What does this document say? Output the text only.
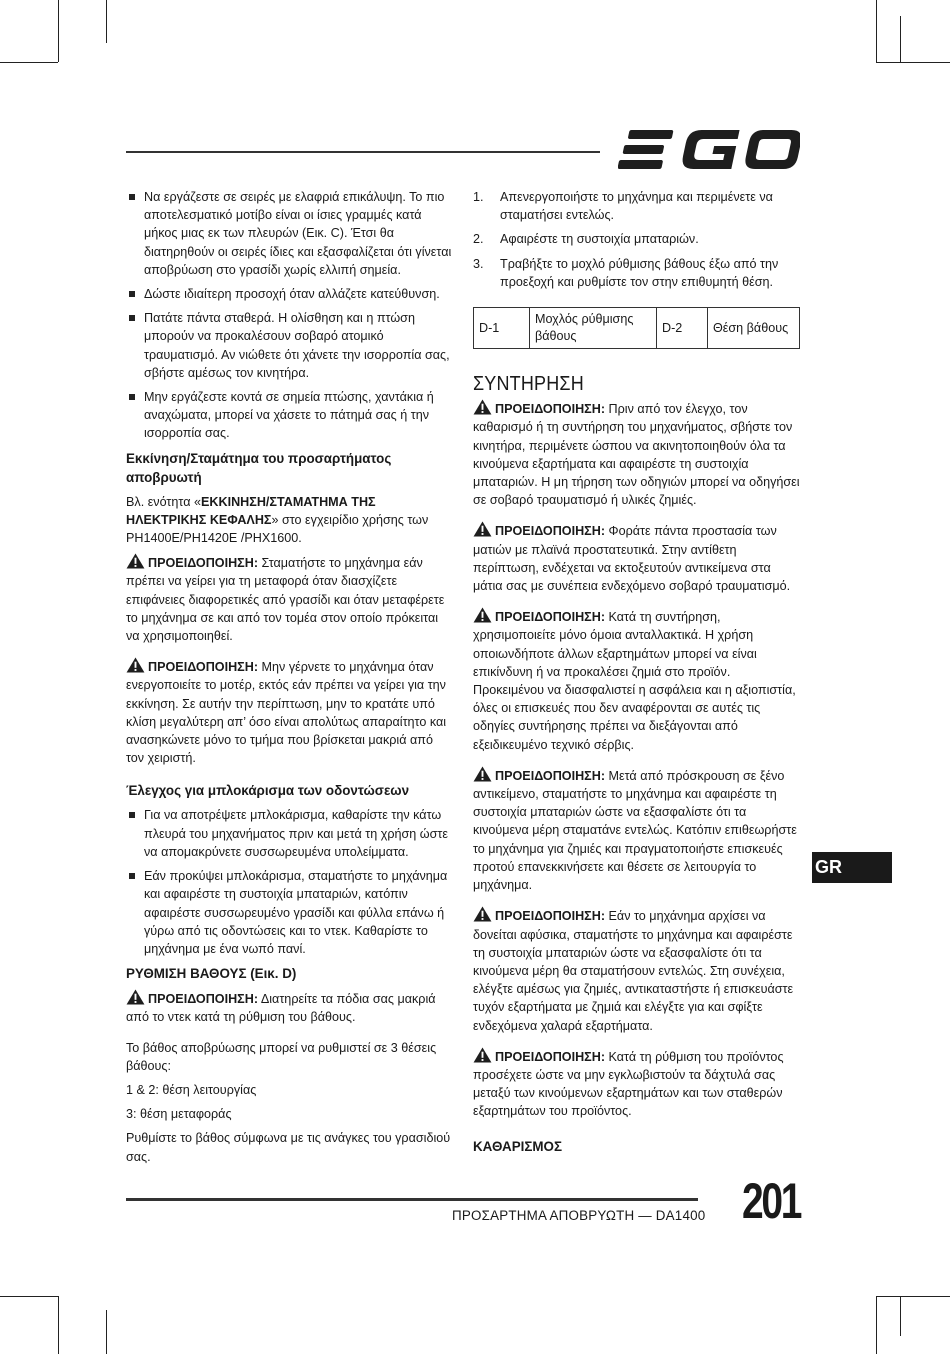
Να εργάζεστε σε σειρές με ελαφριά επικάλυψη. Το πιο αποτελεσματικό μοτίβο είναι οι ίσιες γραμμές κατά μήκος μιας εκ των πλευρών (Εικ. C). Έτσι θα διατηρηθούν οι σειρές ίδιες και εξασφαλίζεται ότι γίνεται αποβρύωση στο γρασίδι χωρίς ελλιπή σημεία.
Δώστε ιδιαίτερη προσοχή όταν αλλάζετε κατεύθυνση.
Πατάτε πάντα σταθερά. Η ολίσθηση και η πτώση μπορούν να προκαλέσουν σοβαρό ατομικό τραυματισμό. Αν νιώθετε ότι χάνετε την ισορροπία σας, σβήστε αμέσως τον κινητήρα.
Μην εργάζεστε κοντά σε σημεία πτώσης, χαντάκια ή αναχώματα, μπορεί να χάσετε το πάτημά σας ή την ισορροπία σας.
Εκκίνηση/Σταμάτημα του προσαρτήματος αποβρυωτή

Βλ. ενότητα «ΕΚΚΙΝΗΣΗ/ΣΤΑΜΑΤΗΜΑ ΤΗΣ ΗΛΕΚΤΡΙΚΗΣ ΚΕΦΑΛΗΣ» στο εγχειρίδιο χρήσης των PH1400E/PH1420E /PHX1600.

ΠΡΟΕΙΔΟΠΟΙΗΣΗ: Σταματήστε το μηχάνημα εάν πρέπει να γείρει για τη μεταφορά όταν διασχίζετε επιφάνειες διαφορετικές από γρασίδι και όταν μεταφέρετε το μηχάνημα σε και από τον τομέα στον οποίο πρόκειται να χρησιμοποιηθεί.

ΠΡΟΕΙΔΟΠΟΙΗΣΗ: Μην γέρνετε το μηχάνημα όταν ενεργοποιείτε το μοτέρ, εκτός εάν πρέπει να γείρει για την εκκίνηση. Σε αυτήν την περίπτωση, μην το κρατάτε υπό κλίση μεγαλύτερη απ’ όσο είναι απολύτως απαραίτητο και ανασηκώνετε μόνο το τμήμα που βρίσκεται μακριά από τον χειριστή.

Έλεγχος για μπλοκάρισμα των οδοντώσεων
Για να αποτρέψετε μπλοκάρισμα, καθαρίστε την κάτω πλευρά του μηχανήματος πριν και μετά τη χρήση ώστε να απομακρύνετε συσσωρευμένα υπολείμματα.
Εάν προκύψει μπλοκάρισμα, σταματήστε το μηχάνημα και αφαιρέστε τη συστοιχία μπαταριών, κατόπιν αφαιρέστε συσσωρευμένο γρασίδι και φύλλα επάνω ή γύρω από τις οδοντώσεις και το ντεκ. Καθαρίστε το μηχάνημα με ένα νωπό πανί.
ΡΥΘΜΙΣΗ ΒΑΘΟΥΣ (Εικ. D)

ΠΡΟΕΙΔΟΠΟΙΗΣΗ: Διατηρείτε τα πόδια σας μακριά από το ντεκ κατά τη ρύθμιση του βάθους.

Το βάθος αποβρύωσης μπορεί να ρυθμιστεί σε 3 θέσεις βάθους:

1 & 2: θέση λειτουργίας

3: θέση μεταφοράς

Ρυθμίστε το βάθος σύμφωνα με τις ανάγκες του γρασιδιού σας.

1. Απενεργοποιήστε το μηχάνημα και περιμένετε να σταματήσει εντελώς.
2. Αφαιρέστε τη συστοιχία μπαταριών.
3. Τραβήξτε το μοχλό ρύθμισης βάθους έξω από την προεξοχή και ρυθμίστε τον στην επιθυμητή θέση.
D-1	Μοχλός ρύθμισης βάθους	D-2	Θέση βάθους
ΣΥΝΤΗΡΗΣΗ

ΠΡΟΕΙΔΟΠΟΙΗΣΗ: Πριν από τον έλεγχο, τον καθαρισμό ή τη συντήρηση του μηχανήματος, σβήστε τον κινητήρα, περιμένετε ώσπου να ακινητοποιηθούν όλα τα κινούμενα εξαρτήματα και αφαιρέστε τη συστοιχία μπαταριών. Η μη τήρηση των οδηγιών μπορεί να οδηγήσει σε σοβαρό τραυματισμό ή υλικές ζημιές.

ΠΡΟΕΙΔΟΠΟΙΗΣΗ: Φοράτε πάντα προστασία των ματιών με πλαϊνά προστατευτικά. Στην αντίθετη περίπτωση, ενδέχεται να εκτοξευτούν αντικείμενα στα μάτια σας με συνέπεια ενδεχόμενο σοβαρό τραυματισμό.

ΠΡΟΕΙΔΟΠΟΙΗΣΗ: Κατά τη συντήρηση, χρησιμοποιείτε μόνο όμοια ανταλλακτικά. Η χρήση οποιωνδήποτε άλλων εξαρτημάτων μπορεί να είναι επικίνδυνη ή να προκαλέσει ζημιά στο προϊόν. Προκειμένου να διασφαλιστεί η ασφάλεια και η αξιοπιστία, όλες οι επισκευές που δεν αναφέρονται σε αυτές τις οδηγίες συντήρησης πρέπει να διεξάγονται από εξειδικευμένο τεχνικό σέρβις.

ΠΡΟΕΙΔΟΠΟΙΗΣΗ: Μετά από πρόσκρουση σε ξένο αντικείμενο, σταματήστε το μηχάνημα και αφαιρέστε τη συστοιχία μπαταριών ώστε να εξασφαλίστε ότι τα κινούμενα μέρη σταματάνε εντελώς. Κατόπιν επιθεωρήστε το μηχάνημα για ζημιές και πραγματοποιήστε επισκευές προτού επανεκκινήσετε και θέσετε σε λειτουργία το μηχάνημα.

ΠΡΟΕΙΔΟΠΟΙΗΣΗ: Εάν το μηχάνημα αρχίσει να δονείται αφύσικα, σταματήστε το μηχάνημα και αφαιρέστε τη συστοιχία μπαταριών ώστε να εξασφαλίστε ότι τα κινούμενα μέρη θα σταματήσουν εντελώς. Στη συνέχεια, ελέγξτε αμέσως για ζημιές, αντικαταστήστε ή επισκευάστε τυχόν εξαρτήματα με ζημιά και ελέγξτε για και σφίξτε ενδεχόμενα χαλαρά εξαρτήματα.

ΠΡΟΕΙΔΟΠΟΙΗΣΗ: Κατά τη ρύθμιση του προϊόντος προσέχετε ώστε να μην εγκλωβιστούν τα δάχτυλά σας μεταξύ των κινούμενων εξαρτημάτων και των σταθερών εξαρτημάτων του προϊόντος.

ΚΑΘΑΡΙΣΜΟΣ
GR
ΠΡΟΣΑΡΤΗΜΑ ΑΠΟΒΡΥΩΤΗ — DA1400 201
